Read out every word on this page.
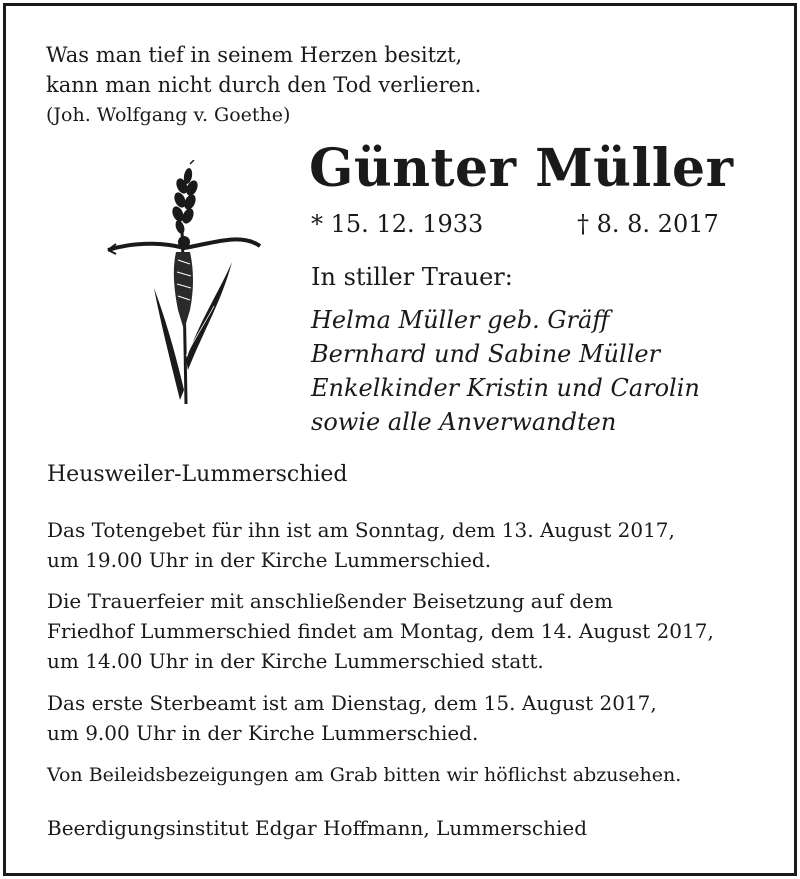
Was man tief in seinem Herzen besitzt,
kann man nicht durch den Tod verlieren.
(Joh. Wolfgang v. Goethe)
Günter Müller
* 15. 12. 1933	† 8. 8. 2017
In stiller Trauer:
Helma Müller geb. Gräff
Bernhard und Sabine Müller
Enkelkinder Kristin und Carolin
sowie alle Anverwandten
Heusweiler-Lummerschied
Das Totengebet für ihn ist am Sonntag, dem 13. August 2017,
um 19.00 Uhr in der Kirche Lummerschied.
Die Trauerfeier mit anschließender Beisetzung auf dem
Friedhof Lummerschied findet am Montag, dem 14. August 2017,
um 14.00 Uhr in der Kirche Lummerschied statt.
Das erste Sterbeamt ist am Dienstag, dem 15. August 2017,
um 9.00 Uhr in der Kirche Lummerschied.
Von Beileidsbezeigungen am Grab bitten wir höflichst abzusehen.
Beerdigungsinstitut Edgar Hoffmann, Lummerschied
